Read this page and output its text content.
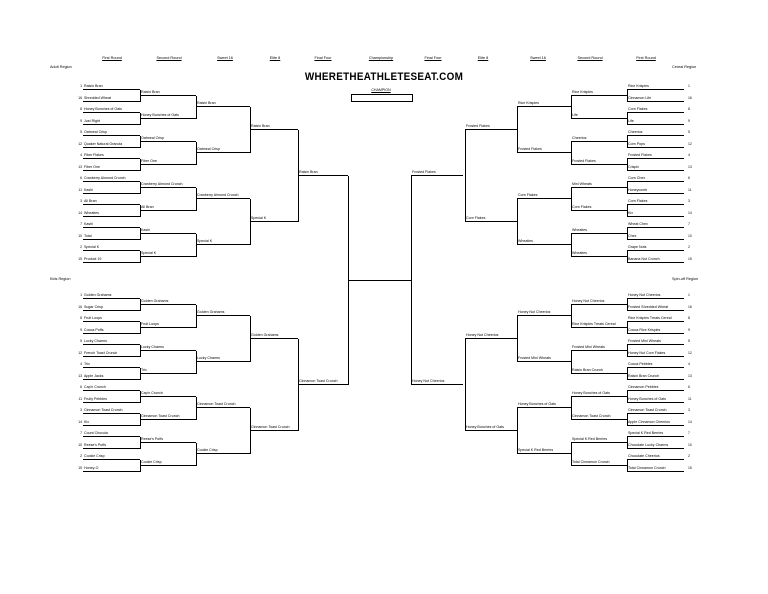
WHERETHEATHLETESEAT.COM
CHAMPION
First Round	Second Round	Sweet 16	Elite 8	Final Four	Championship	Final Four	Elite 8	Sweet 16	Second Round	First Round
Adult Region
Kids Region
Cereal Region
Spin-off Region
Raisin Bran
Shredded Wheat
Honey Bunches of Oats
Just Right
Oatmeal Crisp
Quaker Natural Granola
Fiber Flakes
Fiber One
Cranberry Almond Crunch
Kashi
All Bran
Wheaties
Kashi
Total
Special K
Product 19
Raisin Bran
Honey Bunches of Oats
Oatmeal Crisp
Fiber One
Cranberry Almond Crunch
All Bran
Kashi
Special K
Raisin Bran
Oatmeal Crisp
Cranberry Almond Crunch
Special K
Raisin Bran
Special K
Raisin Bran
1
16
8
9
5
12
4
13
6
11
3
14
7
10
2
15
Golden Grahams
Sugar Crisp
Fruit Loops
Cocoa Puffs
Lucky Charms
French Toast Crunch
Trix
Apple Jacks
Cap'n Crunch
Fruity Pebbles
Cinnamon Toast Crunch
Kix
Count Chocula
Reese's Puffs
Cookie Crisp
Honey-O
Golden Grahams
Fruit Loops
Lucky Charms
Trix
Cap'n Crunch
Cinnamon Toast Crunch
Reese's Puffs
Cookie Crisp
Golden Grahams
Lucky Charms
Cinnamon Toast Crunch
Cookie Crisp
Golden Grahams
Cinnamon Toast Crunch
Cinnamon Toast Crunch
1
16
8
9
5
12
4
13
6
11
3
14
7
10
2
15
Rice Krispies
Cinnamon Life
Corn Flakes
Life
Cheerios
Corn Pops
Frosted Flakes
Crispix
Corn Chex
Honeycomb
Corn Flakes
Kix
Wheat Chex
Chex
Grape Nuts
Banana Nut Crunch
Rice Krispies
Life
Cheerios
Frosted Flakes
Mini Wheats
Corn Flakes
Wheaties
Wheaties
Rice Krispies
Frosted Flakes
Corn Flakes
Wheaties
Frosted Flakes
Corn Flakes
Frosted Flakes
1
16
8
9
5
12
4
13
6
11
3
14
7
10
2
15
Honey Nut Cheerios
Frosted Shredded Wheat
Rice Krispies Treats Cereal
Cocoa Rice Krispies
Frosted Mini Wheats
Honey Nut Corn Flakes
Cocoa Pebbles
Raisin Bran Crunch
Cinnamon Pebbles
Honey Bunches of Oats
Cinnamon Toast Crunch
Apple Cinnamon Cheerios
Special K Red Berries
Chocolate Lucky Charms
Chocolate Cheerios
Total Cinnamon Crunch
Honey Nut Cheerios
Rice Krispies Treats Cereal
Frosted Mini Wheats
Raisin Bran Crunch
Honey Bunches of Oats
Cinnamon Toast Crunch
Special K Red Berries
Total Cinnamon Crunch
Honey Nut Cheerios
Frosted Mini Wheats
Honey Bunches of Oats
Special K Red Berries
Honey Nut Cheerios
Honey Bunches of Oats
Honey Nut Cheerios
1
16
8
9
5
12
4
13
6
11
3
14
7
10
2
15
